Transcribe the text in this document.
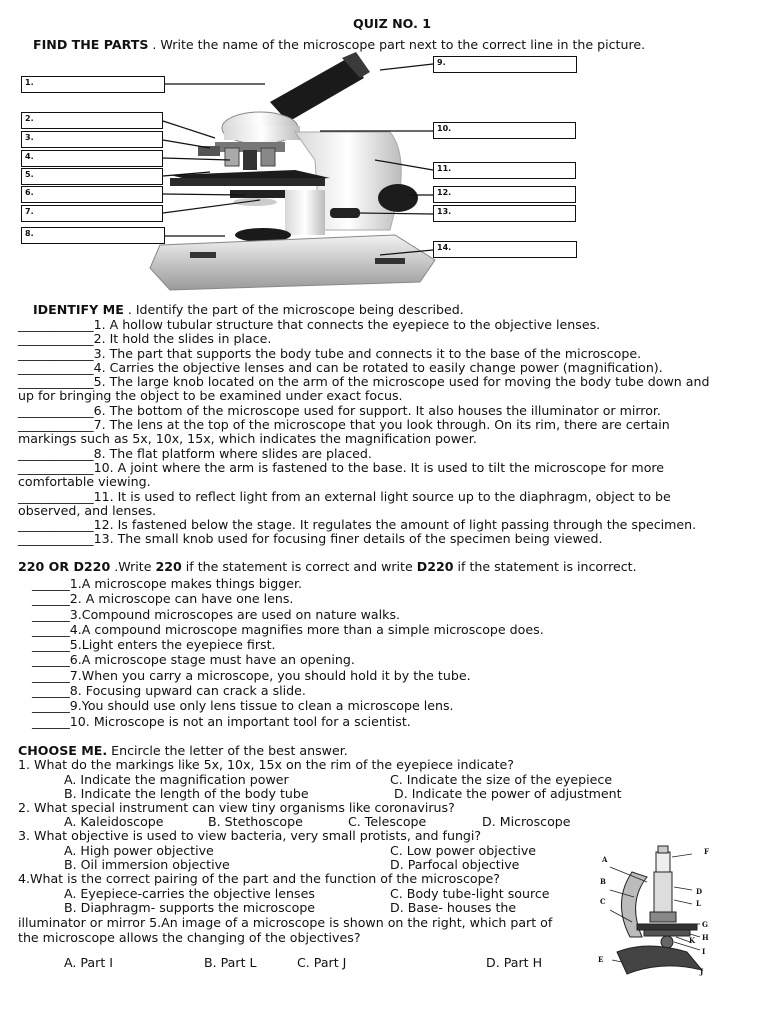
QUIZ NO. 1
FIND THE PARTS . Write the name of the microscope part next to the correct line in the picture.
1.
2.
3.
4.
5.
6.
7.
8.
9.
10.
11.
12.
13.
14.
IDENTIFY ME . Identify the part of the microscope being described.
____________1. A hollow tubular structure that connects the eyepiece to the objective lenses.
____________2. It hold the slides in place.
____________3. The part that supports the body tube and connects it to the base of the microscope.
____________4. Carries the objective lenses and can be rotated to easily change power (magnification).
____________5. The large knob located on the arm of the microscope used for moving the body tube down and
up for bringing the object to be examined under exact focus.
____________6. The bottom of the microscope used for support. It also houses the illuminator or mirror.
____________7. The lens at the top of the microscope that you look through. On its rim, there are certain
markings such as 5x, 10x, 15x, which indicates the magnification power.
____________8. The flat platform where slides are placed.
____________10. A joint where the arm is fastened to the base. It is used to tilt the microscope for more
comfortable viewing.
____________11. It is used to reflect light from an external light source up to the diaphragm, object to be
observed, and lenses.
____________12. Is fastened below the stage. It regulates the amount of light passing through the specimen.
____________13. The small knob used for focusing finer details of the specimen being viewed.
220 OR D220 .Write 220 if the statement is correct and write D220 if the statement is incorrect.
______1.A microscope makes things bigger.
______2. A microscope can have one lens.
______3.Compound microscopes are used on nature walks.
______4.A compound microscope magnifies more than a simple microscope does.
______5.Light enters the eyepiece first.
______6.A microscope stage must have an opening.
______7.When you carry a microscope, you should hold it by the tube.
______8. Focusing upward can crack a slide.
______9.You should use only lens tissue to clean a microscope lens.
______10. Microscope is not an important tool for a scientist.
CHOOSE ME. Encircle the letter of the best answer.
1. What do the markings like 5x, 10x, 15x on the rim of the eyepiece indicate?
A. Indicate the magnification power	C. Indicate the size of the eyepiece
B. Indicate the length of the body tube	D. Indicate the power of adjustment
2. What special instrument can view tiny organisms like coronavirus?
A. Kaleidoscope	B. Stethoscope	C. Telescope	D. Microscope
3. What objective is used to view bacteria, very small protists, and fungi?
A. High power objective	C. Low power objective
B. Oil immersion objective	D. Parfocal objective
4.What is the correct pairing of the part and the function of the microscope?
A. Eyepiece-carries the objective lenses	C. Body tube-light source
B. Diaphragm- supports the microscope	D. Base- houses the
illuminator or mirror 5.An image of a microscope is shown on the right, which part of
the microscope allows the changing of the objectives?
A. Part I	B. Part L	C. Part J	D. Part H
A
B
C
D
E
F
G
H
I
J
K
L
